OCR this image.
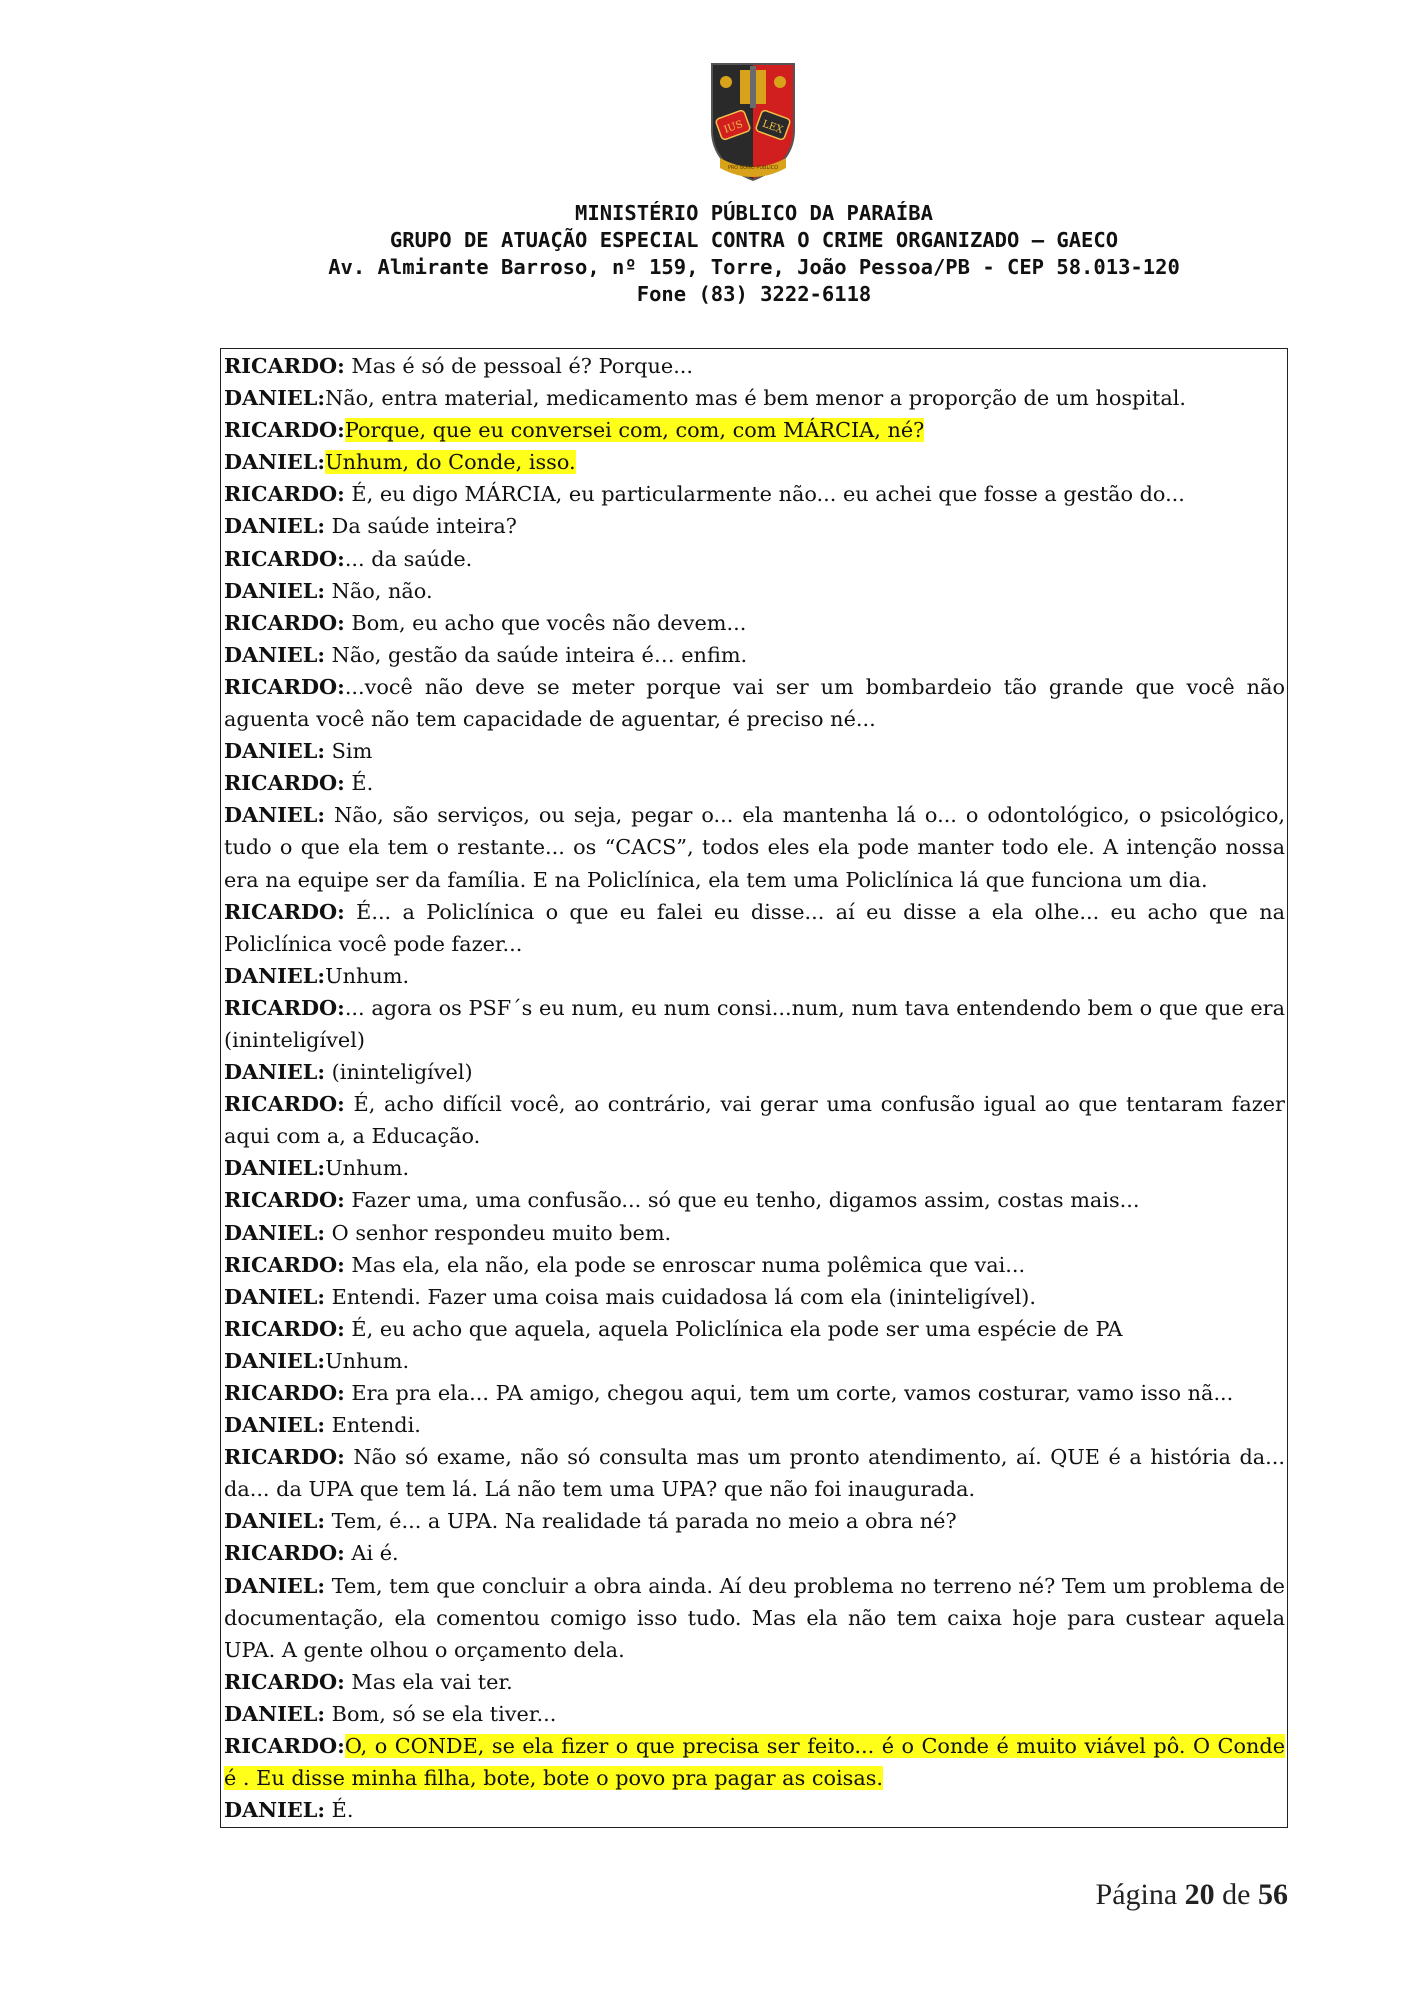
IUS LEX
PRO BONO PUBLICO
MINISTÉRIO PÚBLICO DA PARAÍBA
GRUPO DE ATUAÇÃO ESPECIAL CONTRA O CRIME ORGANIZADO – GAECO
Av. Almirante Barroso, nº 159, Torre, João Pessoa/PB - CEP 58.013-120
Fone (83) 3222-6118

RICARDO: Mas é só de pessoal é? Porque...

DANIEL:Não, entra material, medicamento mas é bem menor a proporção de um hospital.

RICARDO:Porque, que eu conversei com, com, com MÁRCIA, né?

DANIEL:Unhum, do Conde, isso.

RICARDO: É, eu digo MÁRCIA, eu particularmente não... eu achei que fosse a gestão do...

DANIEL: Da saúde inteira?

RICARDO:... da saúde.

DANIEL: Não, não.

RICARDO: Bom, eu acho que vocês não devem...

DANIEL: Não, gestão da saúde inteira é… enfim.

RICARDO:...você não deve se meter porque vai ser um bombardeio tão grande que você não aguenta você não tem capacidade de aguentar, é preciso né...

DANIEL: Sim

RICARDO: É.

DANIEL: Não, são serviços, ou seja, pegar o... ela mantenha lá o... o odontológico, o psicológico, tudo o que ela tem o restante... os “CACS”, todos eles ela pode manter todo ele. A intenção nossa era na equipe ser da família. E na Policlínica, ela tem uma Policlínica lá que funciona um dia.

RICARDO: É... a Policlínica o que eu falei eu disse... aí eu disse a ela olhe... eu acho que na Policlínica você pode fazer...

DANIEL:Unhum.

RICARDO:... agora os PSF´s eu num, eu num consi...num, num tava entendendo bem o que que era (ininteligível)

DANIEL: (ininteligível)

RICARDO: É, acho difícil você, ao contrário, vai gerar uma confusão igual ao que tentaram fazer aqui com a, a Educação.

DANIEL:Unhum.

RICARDO: Fazer uma, uma confusão... só que eu tenho, digamos assim, costas mais...

DANIEL: O senhor respondeu muito bem.

RICARDO: Mas ela, ela não, ela pode se enroscar numa polêmica que vai...

DANIEL: Entendi. Fazer uma coisa mais cuidadosa lá com ela (ininteligível).

RICARDO: É, eu acho que aquela, aquela Policlínica ela pode ser uma espécie de PA

DANIEL:Unhum.

RICARDO: Era pra ela... PA amigo, chegou aqui, tem um corte, vamos costurar, vamo isso nã...

DANIEL: Entendi.

RICARDO: Não só exame, não só consulta mas um pronto atendimento, aí. QUE é a história da... da... da UPA que tem lá. Lá não tem uma UPA? que não foi inaugurada.

DANIEL: Tem, é... a UPA. Na realidade tá parada no meio a obra né?

RICARDO: Ai é.

DANIEL: Tem, tem que concluir a obra ainda. Aí deu problema no terreno né? Tem um problema de documentação, ela comentou comigo isso tudo. Mas ela não tem caixa hoje para custear aquela UPA. A gente olhou o orçamento dela.

RICARDO: Mas ela vai ter.

DANIEL: Bom, só se ela tiver...

RICARDO:O, o CONDE, se ela fizer o que precisa ser feito... é o Conde é muito viável pô. O Conde é . Eu disse minha filha, bote, bote o povo pra pagar as coisas.

DANIEL: É.

Página 20 de 56
